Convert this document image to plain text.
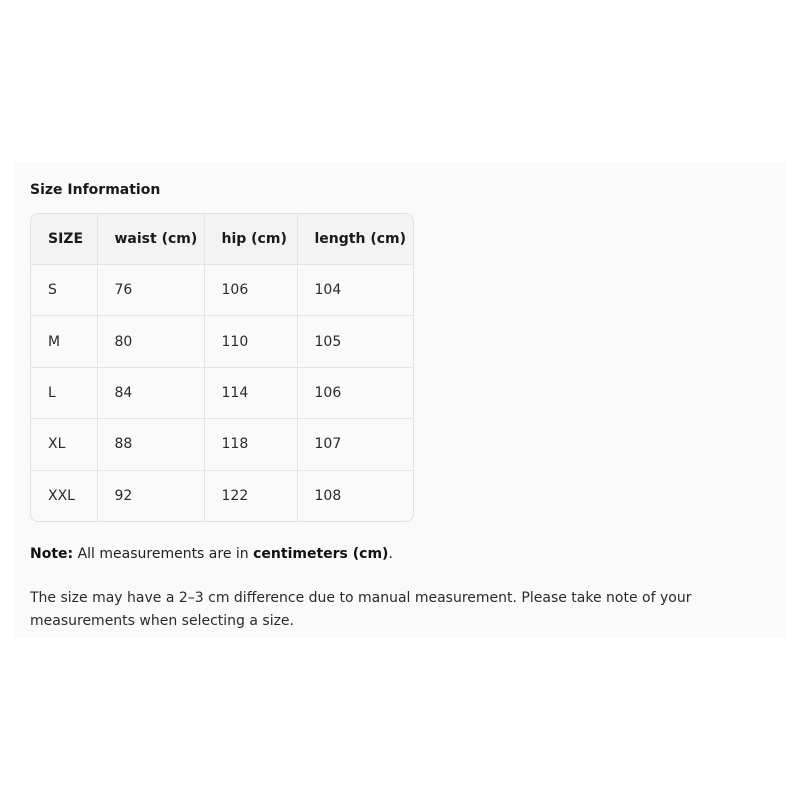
Size Information
SIZE	waist (cm)	hip (cm)	length (cm)
S	76	106	104
M	80	110	105
L	84	114	106
XL	88	118	107
XXL	92	122	108

Note: All measurements are in centimeters (cm).

The size may have a 2–3 cm difference due to manual measurement. Please take note of your measurements when selecting a size.
